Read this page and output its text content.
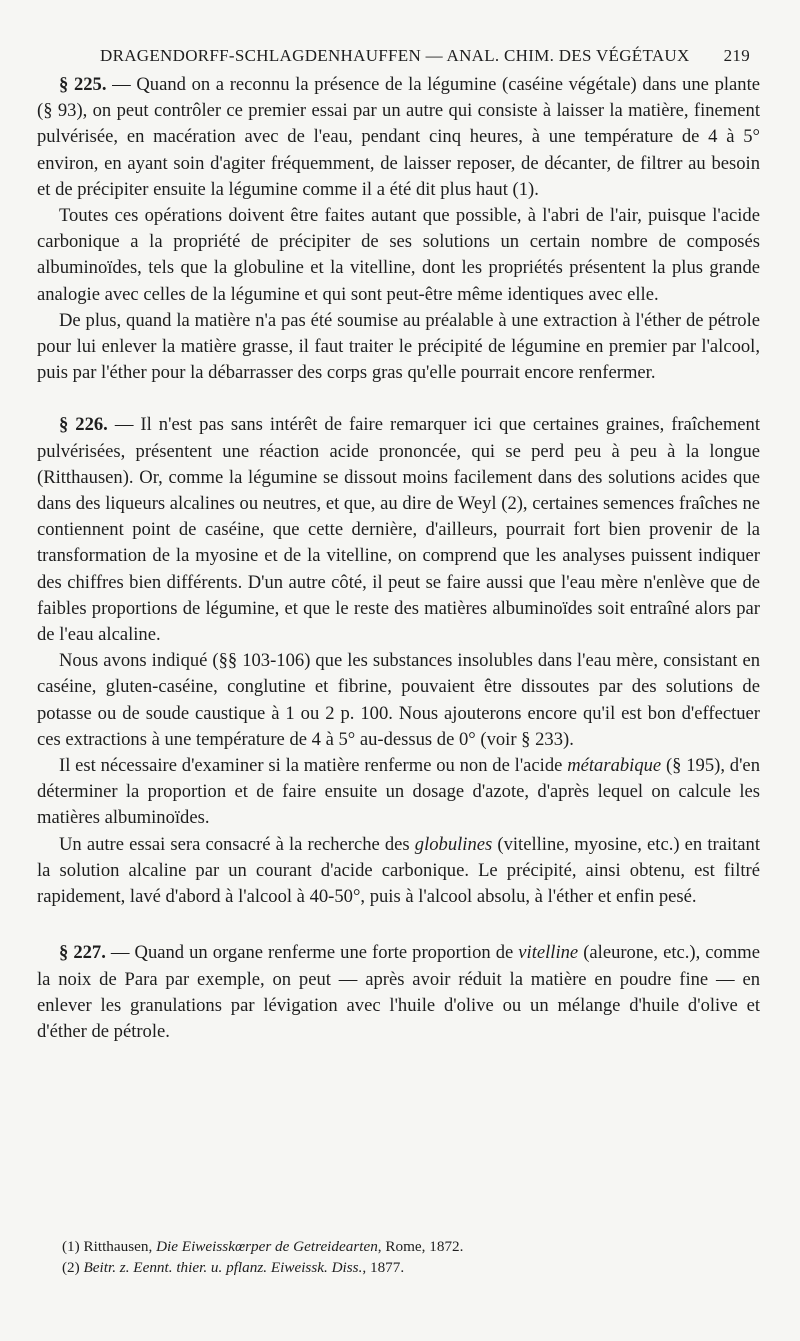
DRAGENDORFF-SCHLAGDENHAUFFEN — ANAL. CHIM. DES VÉGÉTAUX 219

§ 225. — Quand on a reconnu la présence de la légumine (caséine végétale) dans une plante (§ 93), on peut contrôler ce premier essai par un autre qui consiste à laisser la matière, finement pulvérisée, en macération avec de l'eau, pendant cinq heures, à une température de 4 à 5° environ, en ayant soin d'agiter fréquemment, de laisser reposer, de décanter, de filtrer au besoin et de précipiter ensuite la légumine comme il a été dit plus haut (1).

Toutes ces opérations doivent être faites autant que possible, à l'abri de l'air, puisque l'acide carbonique a la propriété de précipiter de ses solutions un certain nombre de composés albuminoïdes, tels que la globuline et la vitelline, dont les propriétés présentent la plus grande analogie avec celles de la légumine et qui sont peut-être même identiques avec elle.

De plus, quand la matière n'a pas été soumise au préalable à une extraction à l'éther de pétrole pour lui enlever la matière grasse, il faut traiter le précipité de légumine en premier par l'alcool, puis par l'éther pour la débarrasser des corps gras qu'elle pourrait encore renfermer.

§ 226. — Il n'est pas sans intérêt de faire remarquer ici que certaines graines, fraîchement pulvérisées, présentent une réaction acide prononcée, qui se perd peu à peu à la longue (Ritthausen). Or, comme la légumine se dissout moins facilement dans des solutions acides que dans des liqueurs alcalines ou neutres, et que, au dire de Weyl (2), certaines semences fraîches ne contiennent point de caséine, que cette dernière, d'ailleurs, pourrait fort bien provenir de la transformation de la myosine et de la vitelline, on comprend que les analyses puissent indiquer des chiffres bien différents. D'un autre côté, il peut se faire aussi que l'eau mère n'enlève que de faibles proportions de légumine, et que le reste des matières albuminoïdes soit entraîné alors par de l'eau alcaline.

Nous avons indiqué (§§ 103-106) que les substances insolubles dans l'eau mère, consistant en caséine, gluten-caséine, conglutine et fibrine, pouvaient être dissoutes par des solutions de potasse ou de soude caustique à 1 ou 2 p. 100. Nous ajouterons encore qu'il est bon d'effectuer ces extractions à une température de 4 à 5° au-dessus de 0° (voir § 233).

Il est nécessaire d'examiner si la matière renferme ou non de l'acide métarabique (§ 195), d'en déterminer la proportion et de faire ensuite un dosage d'azote, d'après lequel on calcule les matières albuminoïdes.

Un autre essai sera consacré à la recherche des globulines (vitelline, myosine, etc.) en traitant la solution alcaline par un courant d'acide carbonique. Le précipité, ainsi obtenu, est filtré rapidement, lavé d'abord à l'alcool à 40-50°, puis à l'alcool absolu, à l'éther et enfin pesé.

§ 227. — Quand un organe renferme une forte proportion de vitelline (aleurone, etc.), comme la noix de Para par exemple, on peut — après avoir réduit la matière en poudre fine — en enlever les granulations par lévigation avec l'huile d'olive ou un mélange d'huile d'olive et d'éther de pétrole.

(1) Ritthausen, Die Eiweisskœrper de Getreidearten, Rome, 1872.

(2) Beitr. z. Eennt. thier. u. pflanz. Eiweissk. Diss., 1877.
